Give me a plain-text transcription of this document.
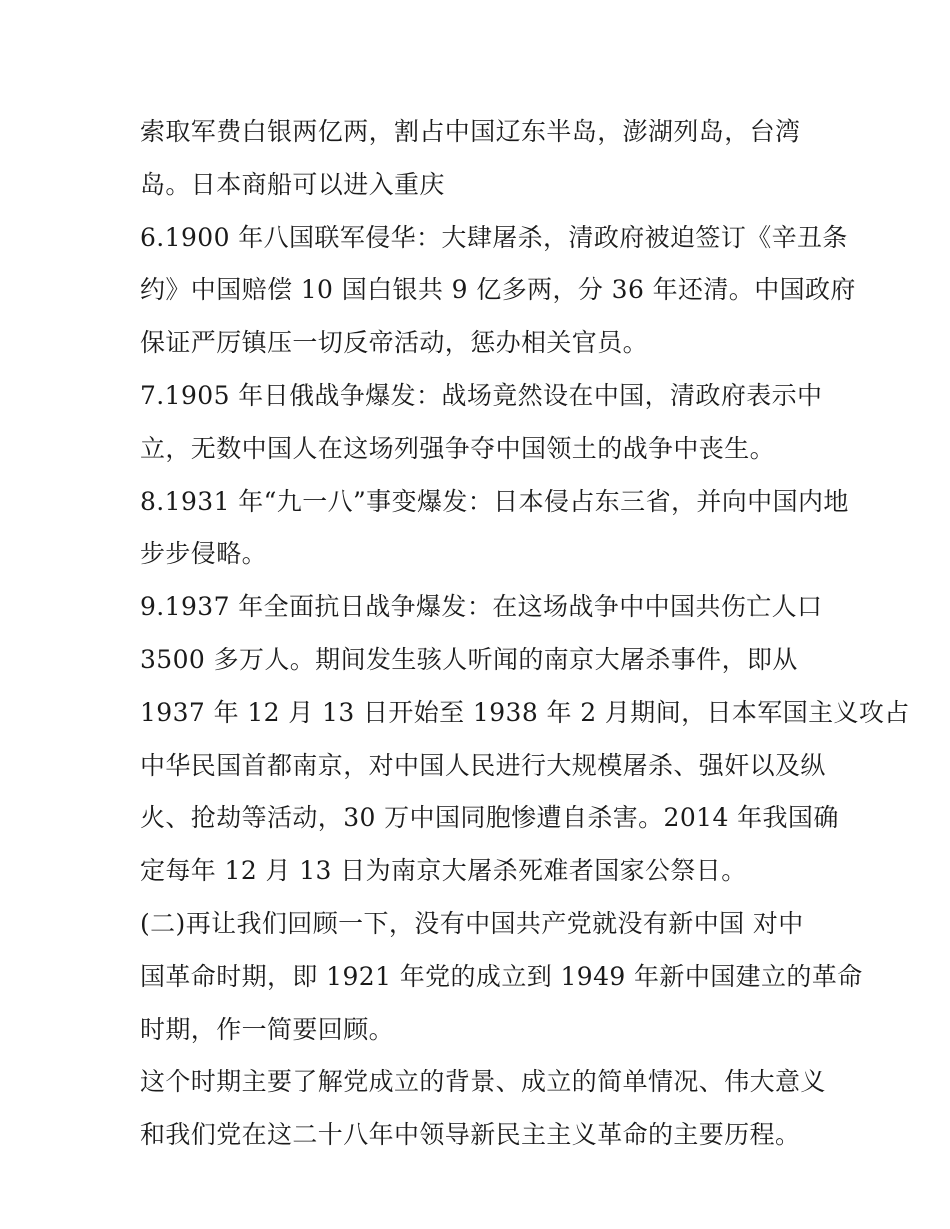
索取军费白银两亿两，割占中国辽东半岛，澎湖列岛，台湾
岛。日本商船可以进入重庆
6.1900 年八国联军侵华：大肆屠杀，清政府被迫签订《辛丑条
约》中国赔偿 10 国白银共 9 亿多两，分 36 年还清。中国政府
保证严厉镇压一切反帝活动，惩办相关官员。
7.1905 年日俄战争爆发：战场竟然设在中国，清政府表示中
立，无数中国人在这场列强争夺中国领土的战争中丧生。
8.1931 年“九一八”事变爆发：日本侵占东三省，并向中国内地
步步侵略。
9.1937 年全面抗日战争爆发：在这场战争中中国共伤亡人口
3500 多万人。期间发生骇人听闻的南京大屠杀事件，即从
1937 年 12 月 13 日开始至 1938 年 2 月期间，日本军国主义攻占
中华民国首都南京，对中国人民进行大规模屠杀、强奸以及纵
火、抢劫等活动，30 万中国同胞惨遭自杀害。2014 年我国确
定每年 12 月 13 日为南京大屠杀死难者国家公祭日。
(二)再让我们回顾一下，没有中国共产党就没有新中国 对中
国革命时期，即 1921 年党的成立到 1949 年新中国建立的革命
时期，作一简要回顾。
这个时期主要了解党成立的背景、成立的简单情况、伟大意义
和我们党在这二十八年中领导新民主主义革命的主要历程。
